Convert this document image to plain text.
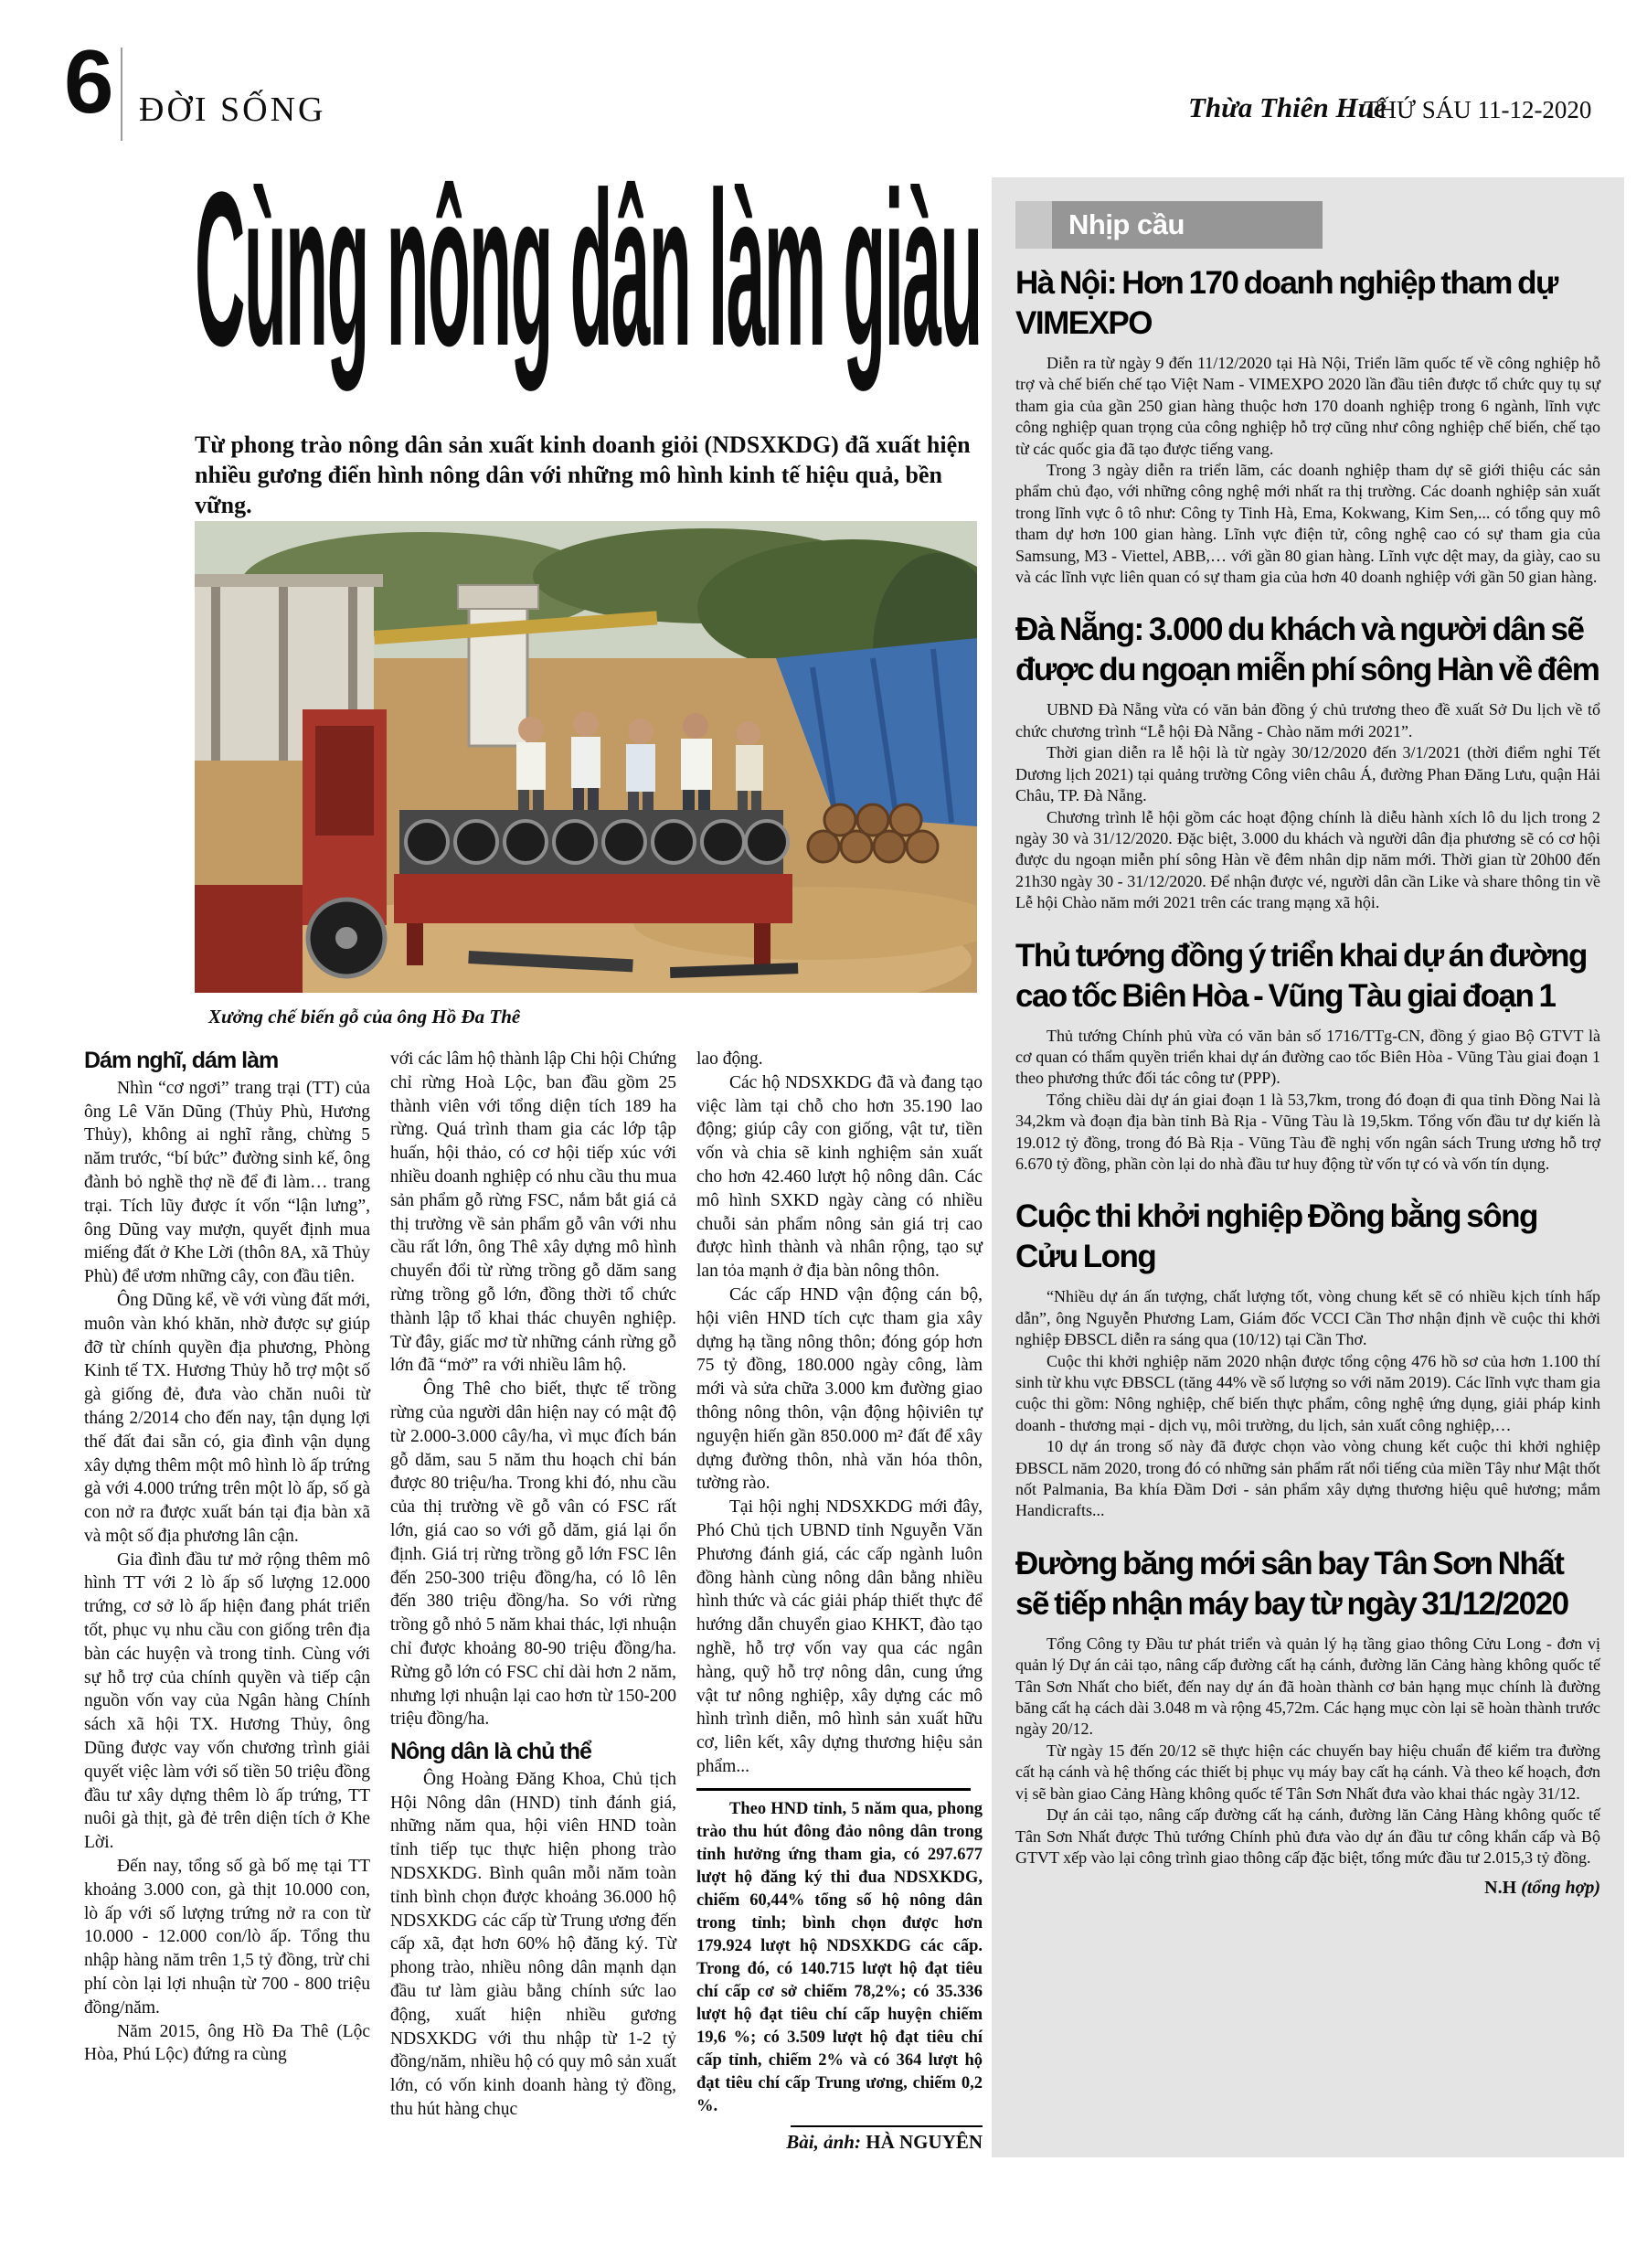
6 ĐỜI SỐNG	Thừa Thiên Huế
THỨ SÁU 11-12-2020
Cùng nông dân làm giàu

Từ phong trào nông dân sản xuất kinh doanh giỏi (NDSXKDG) đã xuất hiện nhiều gương điển hình nông dân với những mô hình kinh tế hiệu quả, bền vững.

Xưởng chế biến gỗ của ông Hồ Đa Thê
Dám nghĩ, dám làm

Nhìn “cơ ngơi” trang trại (TT) của ông Lê Văn Dũng (Thủy Phù, Hương Thủy), không ai nghĩ rằng, chừng 5 năm trước, “bí bức” đường sinh kế, ông đành bỏ nghề thợ nề để đi làm… trang trại. Tích lũy được ít vốn “lận lưng”, ông Dũng vay mượn, quyết định mua miếng đất ở Khe Lời (thôn 8A, xã Thủy Phù) để ươm những cây, con đầu tiên.

Ông Dũng kể, về với vùng đất mới, muôn vàn khó khăn, nhờ được sự giúp đỡ từ chính quyền địa phương, Phòng Kinh tế TX. Hương Thủy hỗ trợ một số gà giống đẻ, đưa vào chăn nuôi từ tháng 2/2014 cho đến nay, tận dụng lợi thế đất đai sẵn có, gia đình vận dụng xây dựng thêm một mô hình lò ấp trứng gà với 4.000 trứng trên một lò ấp, số gà con nở ra được xuất bán tại địa bàn xã và một số địa phương lân cận.

Gia đình đầu tư mở rộng thêm mô hình TT với 2 lò ấp số lượng 12.000 trứng, cơ sở lò ấp hiện đang phát triển tốt, phục vụ nhu cầu con giống trên địa bàn các huyện và trong tỉnh. Cùng với sự hỗ trợ của chính quyền và tiếp cận nguồn vốn vay của Ngân hàng Chính sách xã hội TX. Hương Thủy, ông Dũng được vay vốn chương trình giải quyết việc làm với số tiền 50 triệu đồng đầu tư xây dựng thêm lò ấp trứng, TT nuôi gà thịt, gà đẻ trên diện tích ở Khe Lời.

Đến nay, tổng số gà bố mẹ tại TT khoảng 3.000 con, gà thịt 10.000 con, lò ấp với số lượng trứng nở ra con từ 10.000 - 12.000 con/lò ấp. Tổng thu nhập hàng năm trên 1,5 tỷ đồng, trừ chi phí còn lại lợi nhuận từ 700 - 800 triệu đồng/năm.

Năm 2015, ông Hồ Đa Thê (Lộc Hòa, Phú Lộc) đứng ra cùng

với các lâm hộ thành lập Chi hội Chứng chỉ rừng Hoà Lộc, ban đầu gồm 25 thành viên với tổng diện tích 189 ha rừng. Quá trình tham gia các lớp tập huấn, hội thảo, có cơ hội tiếp xúc với nhiều doanh nghiệp có nhu cầu thu mua sản phẩm gỗ rừng FSC, nắm bắt giá cả thị trường về sản phẩm gỗ vân với nhu cầu rất lớn, ông Thê xây dựng mô hình chuyển đổi từ rừng trồng gỗ dăm sang rừng trồng gỗ lớn, đồng thời tổ chức thành lập tổ khai thác chuyên nghiệp. Từ đây, giấc mơ từ những cánh rừng gỗ lớn đã “mở” ra với nhiều lâm hộ.

Ông Thê cho biết, thực tế trồng rừng của người dân hiện nay có mật độ từ 2.000-3.000 cây/ha, vì mục đích bán gỗ dăm, sau 5 năm thu hoạch chỉ bán được 80 triệu/ha. Trong khi đó, nhu cầu của thị trường về gỗ vân có FSC rất lớn, giá cao so với gỗ dăm, giá lại ổn định. Giá trị rừng trồng gỗ lớn FSC lên đến 250-300 triệu đồng/ha, có lô lên đến 380 triệu đồng/ha. So với rừng trồng gỗ nhỏ 5 năm khai thác, lợi nhuận chỉ được khoảng 80-90 triệu đồng/ha. Rừng gỗ lớn có FSC chỉ dài hơn 2 năm, nhưng lợi nhuận lại cao hơn từ 150-200 triệu đồng/ha.

Nông dân là chủ thể

Ông Hoàng Đăng Khoa, Chủ tịch Hội Nông dân (HND) tỉnh đánh giá, những năm qua, hội viên HND toàn tỉnh tiếp tục thực hiện phong trào NDSXKDG. Bình quân mỗi năm toàn tỉnh bình chọn được khoảng 36.000 hộ NDSXKDG các cấp từ Trung ương đến cấp xã, đạt hơn 60% hộ đăng ký. Từ phong trào, nhiều nông dân mạnh dạn đầu tư làm giàu bằng chính sức lao động, xuất hiện nhiều gương NDSXKDG với thu nhập từ 1-2 tỷ đồng/năm, nhiều hộ có quy mô sản xuất lớn, có vốn kinh doanh hàng tỷ đồng, thu hút hàng chục

lao động.

Các hộ NDSXKDG đã và đang tạo việc làm tại chỗ cho hơn 35.190 lao động; giúp cây con giống, vật tư, tiền vốn và chia sẽ kinh nghiệm sản xuất cho hơn 42.460 lượt hộ nông dân. Các mô hình SXKD ngày càng có nhiều chuỗi sản phẩm nông sản giá trị cao được hình thành và nhân rộng, tạo sự lan tỏa mạnh ở địa bàn nông thôn.

Các cấp HND vận động cán bộ, hội viên HND tích cực tham gia xây dựng hạ tầng nông thôn; đóng góp hơn 75 tỷ đồng, 180.000 ngày công, làm mới và sửa chữa 3.000 km đường giao thông nông thôn, vận động hộiviên tự nguyện hiến gần 850.000 m² đất để xây dựng đường thôn, nhà văn hóa thôn, tường rào.

Tại hội nghị NDSXKDG mới đây, Phó Chủ tịch UBND tỉnh Nguyễn Văn Phương đánh giá, các cấp ngành luôn đồng hành cùng nông dân bằng nhiều hình thức và các giải pháp thiết thực để hướng dẫn chuyển giao KHKT, đào tạo nghề, hỗ trợ vốn vay qua các ngân hàng, quỹ hỗ trợ nông dân, cung ứng vật tư nông nghiệp, xây dựng các mô hình trình diễn, mô hình sản xuất hữu cơ, liên kết, xây dựng thương hiệu sản phẩm...

Theo HND tỉnh, 5 năm qua, phong trào thu hút đông đảo nông dân trong tỉnh hưởng ứng tham gia, có 297.677 lượt hộ đăng ký thi đua NDSXKDG, chiếm 60,44% tổng số hộ nông dân trong tỉnh; bình chọn được hơn 179.924 lượt hộ NDSXKDG các cấp. Trong đó, có 140.715 lượt hộ đạt tiêu chí cấp cơ sở chiếm 78,2%; có 35.336 lượt hộ đạt tiêu chí cấp huyện chiếm 19,6 %; có 3.509 lượt hộ đạt tiêu chí cấp tỉnh, chiếm 2% và có 364 lượt hộ đạt tiêu chí cấp Trung ương, chiếm 0,2 %.

Bài, ảnh: HÀ NGUYÊN

Nhịp cầu
Hà Nội: Hơn 170 doanh nghiệp tham dự VIMEXPO

Diễn ra từ ngày 9 đến 11/12/2020 tại Hà Nội, Triển lãm quốc tế về công nghiệp hỗ trợ và chế biến chế tạo Việt Nam - VIMEXPO 2020 lần đầu tiên được tổ chức quy tụ sự tham gia của gần 250 gian hàng thuộc hơn 170 doanh nghiệp trong 6 ngành, lĩnh vực công nghiệp quan trọng của công nghiệp hỗ trợ cũng như công nghiệp chế biến, chế tạo từ các quốc gia đã tạo được tiếng vang.

Trong 3 ngày diễn ra triển lãm, các doanh nghiệp tham dự sẽ giới thiệu các sản phẩm chủ đạo, với những công nghệ mới nhất ra thị trường. Các doanh nghiệp sản xuất trong lĩnh vực ô tô như: Công ty Tinh Hà, Ema, Kokwang, Kim Sen,... có tổng quy mô tham dự hơn 100 gian hàng. Lĩnh vực điện tử, công nghệ cao có sự tham gia của Samsung, M3 - Viettel, ABB,… với gần 80 gian hàng. Lĩnh vực dệt may, da giày, cao su và các lĩnh vực liên quan có sự tham gia của hơn 40 doanh nghiệp với gần 50 gian hàng.

Đà Nẵng: 3.000 du khách và người dân sẽ được du ngoạn miễn phí sông Hàn về đêm

UBND Đà Nẵng vừa có văn bản đồng ý chủ trương theo đề xuất Sở Du lịch về tổ chức chương trình “Lễ hội Đà Nẵng - Chào năm mới 2021”.

Thời gian diễn ra lễ hội là từ ngày 30/12/2020 đến 3/1/2021 (thời điểm nghỉ Tết Dương lịch 2021) tại quảng trường Công viên châu Á, đường Phan Đăng Lưu, quận Hải Châu, TP. Đà Nẵng.

Chương trình lễ hội gồm các hoạt động chính là diễu hành xích lô du lịch trong 2 ngày 30 và 31/12/2020. Đặc biệt, 3.000 du khách và người dân địa phương sẽ có cơ hội được du ngoạn miễn phí sông Hàn về đêm nhân dịp năm mới. Thời gian từ 20h00 đến 21h30 ngày 30 - 31/12/2020. Để nhận được vé, người dân cần Like và share thông tin về Lễ hội Chào năm mới 2021 trên các trang mạng xã hội.

Thủ tướng đồng ý triển khai dự án đường cao tốc Biên Hòa - Vũng Tàu giai đoạn 1

Thủ tướng Chính phủ vừa có văn bản số 1716/TTg-CN, đồng ý giao Bộ GTVT là cơ quan có thẩm quyền triển khai dự án đường cao tốc Biên Hòa - Vũng Tàu giai đoạn 1 theo phương thức đối tác công tư (PPP).

Tổng chiều dài dự án giai đoạn 1 là 53,7km, trong đó đoạn đi qua tỉnh Đồng Nai là 34,2km và đoạn địa bàn tỉnh Bà Rịa - Vũng Tàu là 19,5km. Tổng vốn đầu tư dự kiến là 19.012 tỷ đồng, trong đó Bà Rịa - Vũng Tàu đề nghị vốn ngân sách Trung ương hỗ trợ 6.670 tỷ đồng, phần còn lại do nhà đầu tư huy động từ vốn tự có và vốn tín dụng.

Cuộc thi khởi nghiệp Đồng bằng sông Cửu Long

“Nhiều dự án ấn tượng, chất lượng tốt, vòng chung kết sẽ có nhiều kịch tính hấp dẫn”, ông Nguyễn Phương Lam, Giám đốc VCCI Cần Thơ nhận định về cuộc thi khởi nghiệp ĐBSCL diễn ra sáng qua (10/12) tại Cần Thơ.

Cuộc thi khởi nghiệp năm 2020 nhận được tổng cộng 476 hồ sơ của hơn 1.100 thí sinh từ khu vực ĐBSCL (tăng 44% về số lượng so với năm 2019). Các lĩnh vực tham gia cuộc thi gồm: Nông nghiệp, chế biến thực phẩm, công nghệ ứng dụng, giải pháp kinh doanh - thương mại - dịch vụ, môi trường, du lịch, sản xuất công nghiệp,…

10 dự án trong số này đã được chọn vào vòng chung kết cuộc thi khởi nghiệp ĐBSCL năm 2020, trong đó có những sản phẩm rất nổi tiếng của miền Tây như Mật thốt nốt Palmania, Ba khía Đầm Dơi - sản phẩm xây dựng thương hiệu quê hương; mắm Handicrafts...

Đường băng mới sân bay Tân Sơn Nhất sẽ tiếp nhận máy bay từ ngày 31/12/2020

Tổng Công ty Đầu tư phát triển và quản lý hạ tầng giao thông Cửu Long - đơn vị quản lý Dự án cải tạo, nâng cấp đường cất hạ cánh, đường lăn Cảng hàng không quốc tế Tân Sơn Nhất cho biết, đến nay dự án đã hoàn thành cơ bản hạng mục chính là đường băng cất hạ cách dài 3.048 m và rộng 45,72m. Các hạng mục còn lại sẽ hoàn thành trước ngày 20/12.

Từ ngày 15 đến 20/12 sẽ thực hiện các chuyến bay hiệu chuẩn để kiểm tra đường cất hạ cánh và hệ thống các thiết bị phục vụ máy bay cất hạ cánh. Và theo kế hoạch, đơn vị sẽ bàn giao Cảng Hàng không quốc tế Tân Sơn Nhất đưa vào khai thác ngày 31/12.

Dự án cải tạo, nâng cấp đường cất hạ cánh, đường lăn Cảng Hàng không quốc tế Tân Sơn Nhất được Thủ tướng Chính phủ đưa vào dự án đầu tư công khẩn cấp và Bộ GTVT xếp vào lại công trình giao thông cấp đặc biệt, tổng mức đầu tư 2.015,3 tỷ đồng.

N.H (tổng hợp)
